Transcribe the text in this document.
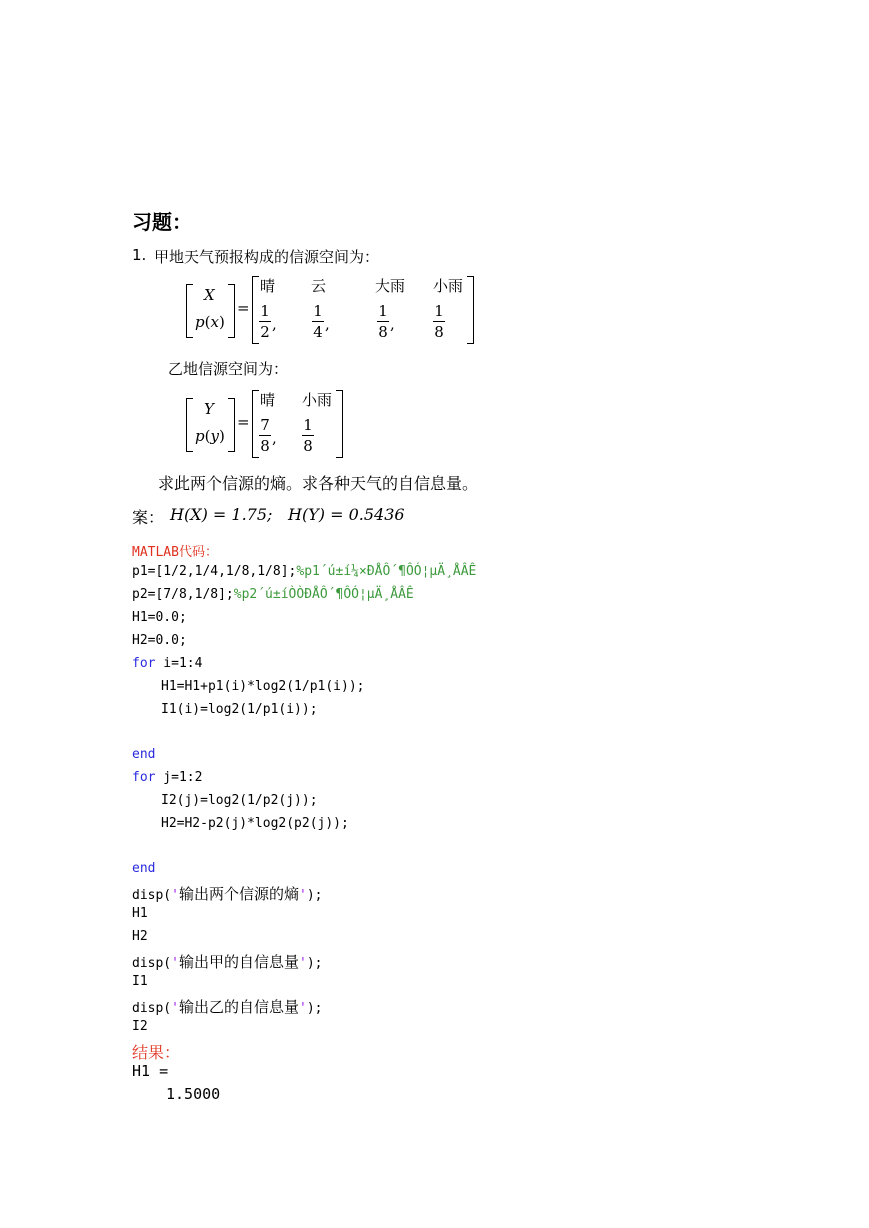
习题：
1. 甲地天气预报构成的信源空间为：
X
p(x)
=
晴 云	大雨 小雨
1
2 ,
1
4 ,
1
8 ,
1
8
乙地信源空间为：
Y
p(y)
=
晴 小雨
7
8 ,
1
8
求此两个信源的熵。求各种天气的自信息量。
案： H(X) = 1.75; H(Y) = 0.5436
MATLAB代码：
p1=[1/2,1/4,1/8,1/8];%p1´ú±í¼×ÐÅÔ´¶ÔÓ¦µÄ¸ÅÂÊ
p2=[7/8,1/8];%p2´ú±íÒÒÐÅÔ´¶ÔÓ¦µÄ¸ÅÂÊ
H1=0.0;
H2=0.0;
for i=1:4
H1=H1+p1(i)*log2(1/p1(i));
I1(i)=log2(1/p1(i));
end
for j=1:2
I2(j)=log2(1/p2(j));
H2=H2-p2(j)*log2(p2(j));
end
disp('输出两个信源的熵');
H1
H2
disp('输出甲的自信息量');
I1
disp('输出乙的自信息量');
I2
结果：
H1 =
1.5000
